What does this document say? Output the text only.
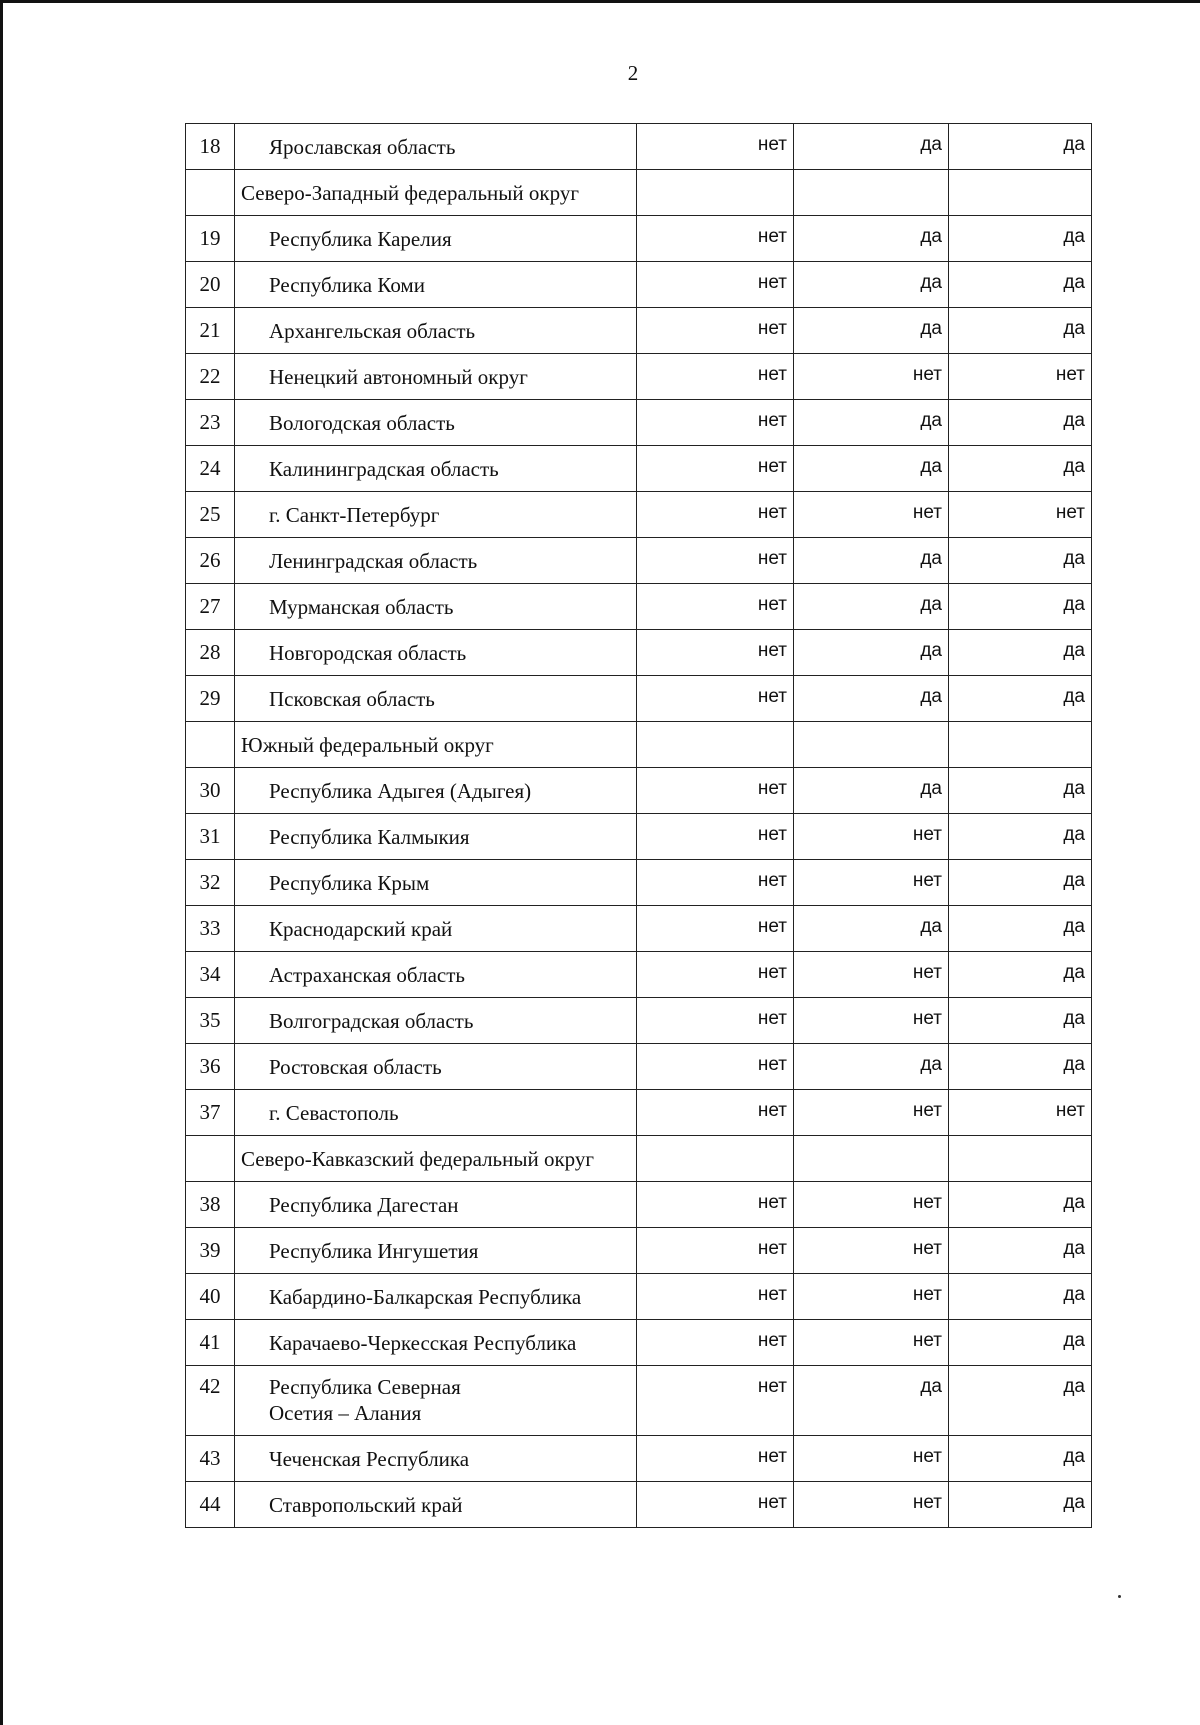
2
18	Ярославская область	нет	да	да

	Северо-Западный федеральный округ			

19	Республика Карелия	нет	да	да
20	Республика Коми	нет	да	да
21	Архангельская область	нет	да	да
22	Ненецкий автономный округ	нет	нет	нет
23	Вологодская область	нет	да	да
24	Калининградская область	нет	да	да
25	г. Санкт-Петербург	нет	нет	нет
26	Ленинградская область	нет	да	да
27	Мурманская область	нет	да	да
28	Новгородская область	нет	да	да
29	Псковская область	нет	да	да

	Южный федеральный округ			

30	Республика Адыгея (Адыгея)	нет	да	да
31	Республика Калмыкия	нет	нет	да
32	Республика Крым	нет	нет	да
33	Краснодарский край	нет	да	да
34	Астраханская область	нет	нет	да
35	Волгоградская область	нет	нет	да
36	Ростовская область	нет	да	да
37	г. Севастополь	нет	нет	нет

	Северо-Кавказский федеральный округ			

38	Республика Дагестан	нет	нет	да
39	Республика Ингушетия	нет	нет	да
40	Кабардино-Балкарская Республика	нет	нет	да
41	Карачаево-Черкесская Республика	нет	нет	да
42	Республика Северная
Осетия – Алания	нет	да	да
43	Чеченская Республика	нет	нет	да
44	Ставропольский край	нет	нет	да
